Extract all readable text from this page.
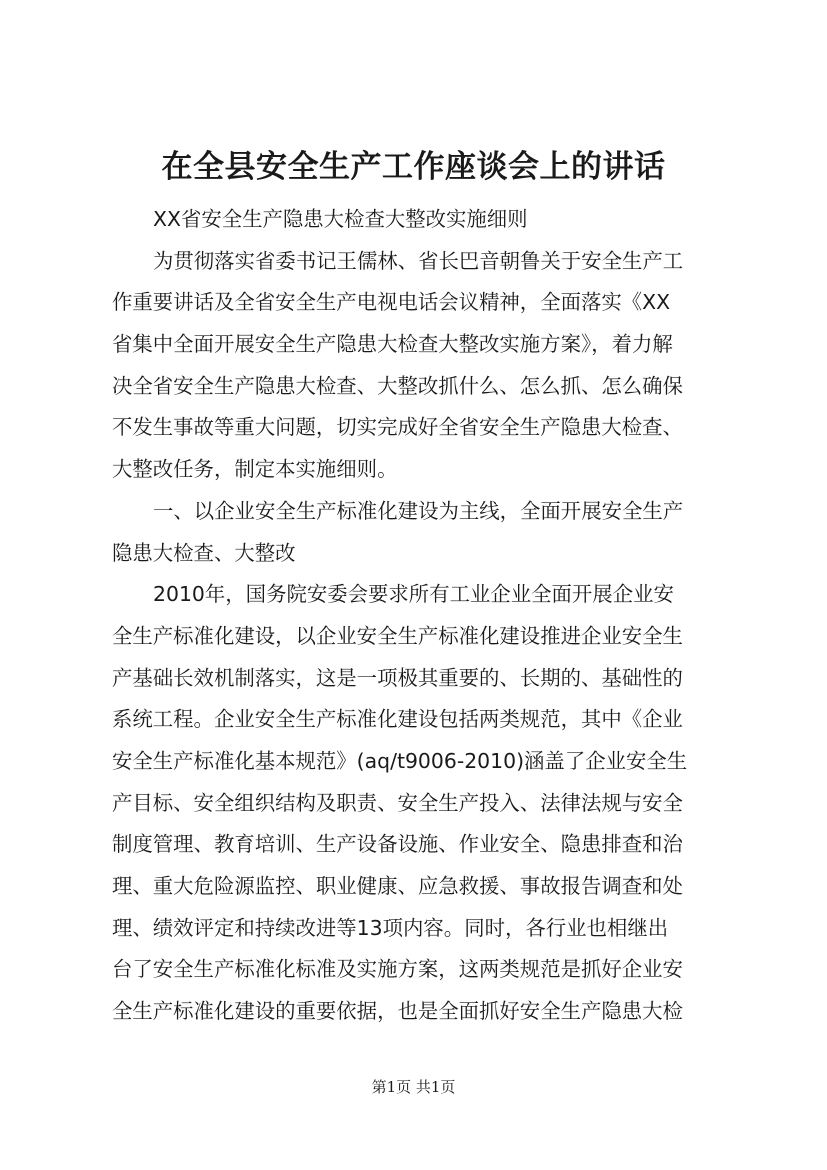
在全县安全生产工作座谈会上的讲话
XX省安全生产隐患大检查大整改实施细则
为贯彻落实省委书记王儒林、省长巴音朝鲁关于安全生产工
作重要讲话及全省安全生产电视电话会议精神，全面落实《XX
省集中全面开展安全生产隐患大检查大整改实施方案》，着力解
决全省安全生产隐患大检查、大整改抓什么、怎么抓、怎么确保
不发生事故等重大问题，切实完成好全省安全生产隐患大检查、
大整改任务，制定本实施细则。
一、以企业安全生产标准化建设为主线，全面开展安全生产
隐患大检查、大整改
2010年，国务院安委会要求所有工业企业全面开展企业安
全生产标准化建设，以企业安全生产标准化建设推进企业安全生
产基础长效机制落实，这是一项极其重要的、长期的、基础性的
系统工程。企业安全生产标准化建设包括两类规范，其中《企业
安全生产标准化基本规范》(aq/t9006-2010)涵盖了企业安全生
产目标、安全组织结构及职责、安全生产投入、法律法规与安全
制度管理、教育培训、生产设备设施、作业安全、隐患排查和治
理、重大危险源监控、职业健康、应急救援、事故报告调查和处
理、绩效评定和持续改进等13项内容。同时，各行业也相继出
台了安全生产标准化标准及实施方案，这两类规范是抓好企业安
全生产标准化建设的重要依据，也是全面抓好安全生产隐患大检
第1页 共1页
